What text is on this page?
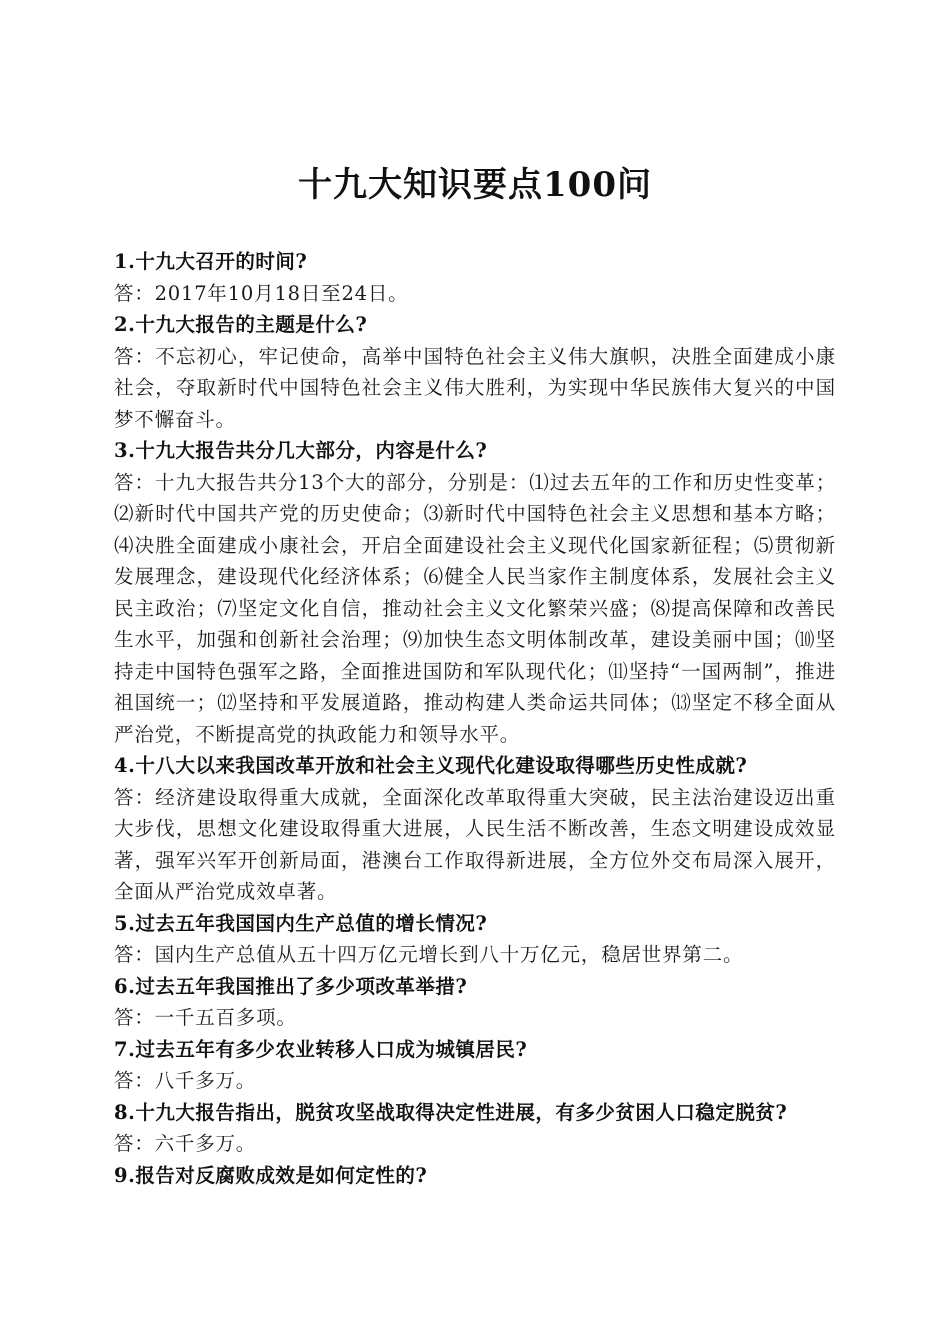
十九大知识要点100问

1.十九大召开的时间?

答：2017年10月18日至24日。

2.十九大报告的主题是什么?

答：不忘初心，牢记使命，高举中国特色社会主义伟大旗帜，决胜全面建成小康社会，夺取新时代中国特色社会主义伟大胜利，为实现中华民族伟大复兴的中国梦不懈奋斗。

3.十九大报告共分几大部分，内容是什么?

答：十九大报告共分13个大的部分，分别是：⑴过去五年的工作和历史性变革；⑵新时代中国共产党的历史使命；⑶新时代中国特色社会主义思想和基本方略；⑷决胜全面建成小康社会，开启全面建设社会主义现代化国家新征程；⑸贯彻新发展理念，建设现代化经济体系；⑹健全人民当家作主制度体系，发展社会主义民主政治；⑺坚定文化自信，推动社会主义文化繁荣兴盛；⑻提高保障和改善民生水平，加强和创新社会治理；⑼加快生态文明体制改革，建设美丽中国；⑽坚持走中国特色强军之路，全面推进国防和军队现代化；⑾坚持“一国两制”，推进祖国统一；⑿坚持和平发展道路，推动构建人类命运共同体；⒀坚定不移全面从严治党，不断提高党的执政能力和领导水平。

4.十八大以来我国改革开放和社会主义现代化建设取得哪些历史性成就?

答：经济建设取得重大成就，全面深化改革取得重大突破，民主法治建设迈出重大步伐，思想文化建设取得重大进展，人民生活不断改善，生态文明建设成效显著，强军兴军开创新局面，港澳台工作取得新进展，全方位外交布局深入展开，全面从严治党成效卓著。

5.过去五年我国国内生产总值的增长情况?

答：国内生产总值从五十四万亿元增长到八十万亿元，稳居世界第二。

6.过去五年我国推出了多少项改革举措?

答：一千五百多项。

7.过去五年有多少农业转移人口成为城镇居民?

答：八千多万。

8.十九大报告指出，脱贫攻坚战取得决定性进展，有多少贫困人口稳定脱贫?

答：六千多万。

9.报告对反腐败成效是如何定性的?
